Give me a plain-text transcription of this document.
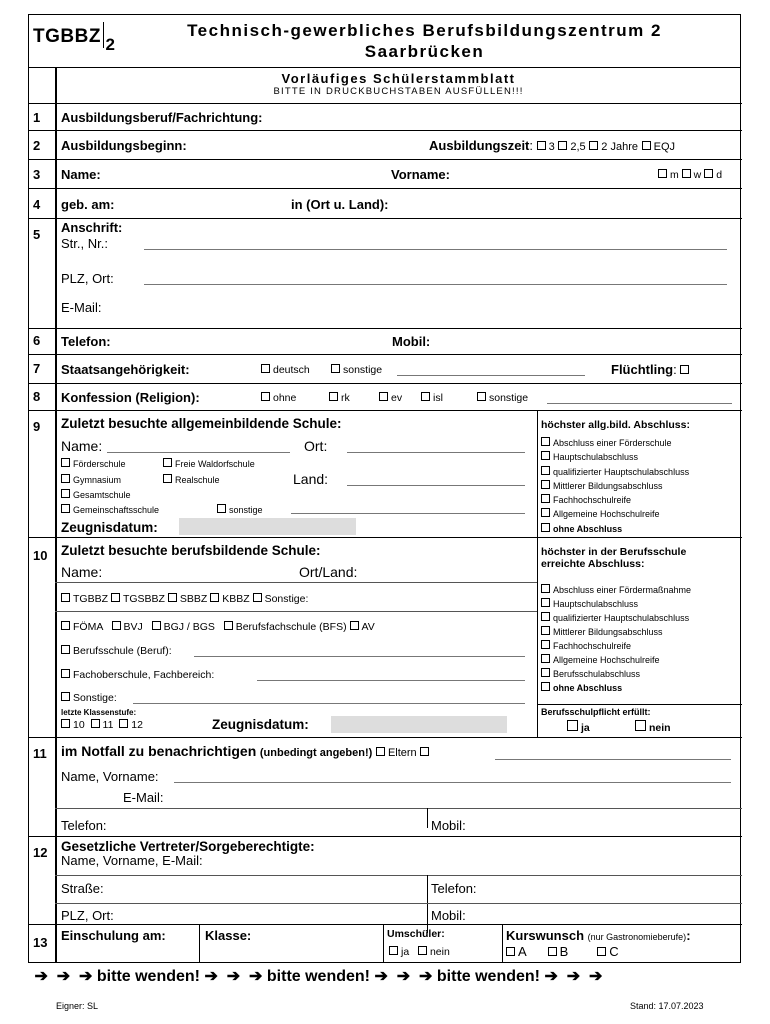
TGBBZ 2
Technisch-gewerbliches Berufsbildungszentrum 2
Saarbrücken
Vorläufiges Schülerstammblatt
BITTE IN DRUCKBUCHSTABEN AUSFÜLLEN!!!
1 Ausbildungsberuf/Fachrichtung:
2 Ausbildungsbeginn:	Ausbildungszeit: 3 2,5 2 Jahre EQJ
3 Name:	Vorname:	m w d
4 geb. am:	in (Ort u. Land):
5 Anschrift:
Str., Nr.:
PLZ, Ort:
E-Mail:
6 Telefon:	Mobil:
7 Staatsangehörigkeit:	deutsch	sonstige	Flüchtling:
8 Konfession (Religion):	ohne	rk	ev	isl	sonstige
9 Zuletzt besuchte allgemeinbildende Schule:
Name:	Ort:
Förderschule	Freie Waldorfschule
Gymnasium	Realschule	Land:
Gesamtschule
Gemeinschaftsschule	sonstige
Zeugnisdatum:
höchster allg.bild. Abschluss:
Abschluss einer Förderschule
Hauptschulabschluss
qualifizierter Hauptschulabschluss
Mittlerer Bildungsabschluss
Fachhochschulreife
Allgemeine Hochschulreife
ohne Abschluss
10 Zuletzt besuchte berufsbildende Schule:
Name:	Ort/Land:
TGBBZ TGSBBZ SBBZ KBBZ Sonstige:
FÖMA BVJ BGJ / BGS Berufsfachschule (BFS) AV
Berufsschule (Beruf):
Fachoberschule, Fachbereich:
Sonstige:
letzte Klassenstufe:
10 11 12	Zeugnisdatum:
höchster in der Berufsschule
erreichte Abschluss:
Abschluss einer Fördermaßnahme
Hauptschulabschluss
qualifizierter Hauptschulabschluss
Mittlerer Bildungsabschluss
Fachhochschulreife
Allgemeine Hochschulreife
Berufsschulabschluss
ohne Abschluss
Berufsschulpflicht erfüllt:
ja	nein
11 im Notfall zu benachrichtigen (unbedingt angeben!) Eltern
Name, Vorname:
E-Mail:
Telefon:	Mobil:
12 Gesetzliche Vertreter/Sorgeberechtigte:
Name, Vorname, E-Mail:
Straße:	Telefon:
PLZ, Ort:	Mobil:
13 Einschulung am:	Klasse:	Umschüler:
ja nein
Kurswunsch (nur Gastronomieberufe):
A	B	C
➔  ➔  ➔ bitte wenden! ➔  ➔  ➔ bitte wenden! ➔  ➔  ➔ bitte wenden! ➔  ➔  ➔
Eigner: SL	Stand: 17.07.2023
